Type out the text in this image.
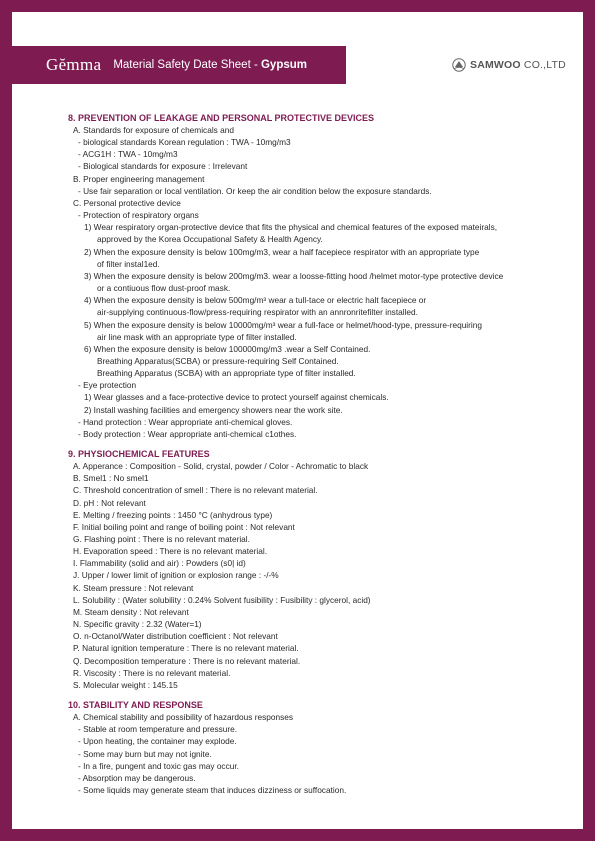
Gĕmma Material Safety Date Sheet - Gypsum	SAMWOO CO.,LTD
8. PREVENTION OF LEAKAGE AND PERSONAL PROTECTIVE DEVICES
A. Standards for exposure of chemicals and
- biological standards Korean regulation : TWA - 10mg/m3
- ACG1H : TWA - 10mg/m3
- Biological standards for exposure : Irrelevant
B. Proper engineering management
- Use fair separation or local ventilation. Or keep the air condition below the exposure standards.
C. Personal protective device
- Protection of respiratory organs
1) Wear respiratory organ-protective device that fits the physical and chemical features of the exposed mateirals,
approved by the Korea Occupational Safety & Health Agency.
2) When the exposure density is below 100mg/m3, wear a half facepiece respirator with an appropriate type
of filter instal1ed.
3) When the exposure density is below 200mg/m3. wear a loosse-fitting hood /helmet motor-type protective device
or a contiuous flow dust-proof mask.
4) When the exposure density is below 500mg/m³ wear a tull-tace or electric halt facepiece or
air-supplying continuous-flow/press-requiring respirator with an annronritefilter installed.
5) When the exposure density is below 10000mg/m³ wear a full-face or helmet/hood-type, pressure-requiring
air line mask with an appropriate type of filter installed.
6) When the exposure density is below 100000mg/m3 .wear a Self Contained.
Breathing Apparatus(SCBA) or pressure-requiring Self Contained.
Breathing Apparatus (SCBA) with an appropriate type of filter installed.
- Eye protection
1) Wear glasses and a face-protective device to protect yourself against chemicals.
2) Install washing facilities and emergency showers near the work site.
- Hand protection : Wear appropriate anti-chemical gloves.
- Body protection : Wear appropriate anti-chemical c1othes.
9. PHYSIOCHEMICAL FEATURES
A. Apperance : Composition - Solid, crystal, powder / Color - Achromatic to black
B. Smel1 : No smel1
C. Threshold concentration of smell : There is no relevant material.
D. pH : Not relevant
E. Melting / freezing points : 1450 °C (anhydrous type)
F. Initial boiling point and range of boiling point : Not relevant
G. Flashing point : There is no relevant material.
H. Evaporation speed : There is no relevant material.
I. Flammability (solid and air) : Powders (s0| id)
J. Upper / lower limit of ignition or explosion range : -/-%
K. Steam pressure : Not relevant
L. Solubility : (Water solubility : 0.24% Solvent fusibility : Fusibility : glycerol, acid)
M. Steam density : Not relevant
N. Specific gravity : 2.32 (Water=1)
O. n-Octanol/Water distribution coefficient : Not relevant
P. Natural ignition temperature : There is no relevant material.
Q. Decomposition temperature : There is no relevant material.
R. Viscosity : There is no relevant material.
S. Molecular weight : 145.15
10. STABILITY AND RESPONSE
A. Chemical stability and possibility of hazardous responses
- Stable at room temperature and pressure.
- Upon heating, the container may explode.
- Some may burn but may not ignite.
- In a fire, pungent and toxic gas may occur.
- Absorption may be dangerous.
- Some liquids may generate steam that induces dizziness or suffocation.
